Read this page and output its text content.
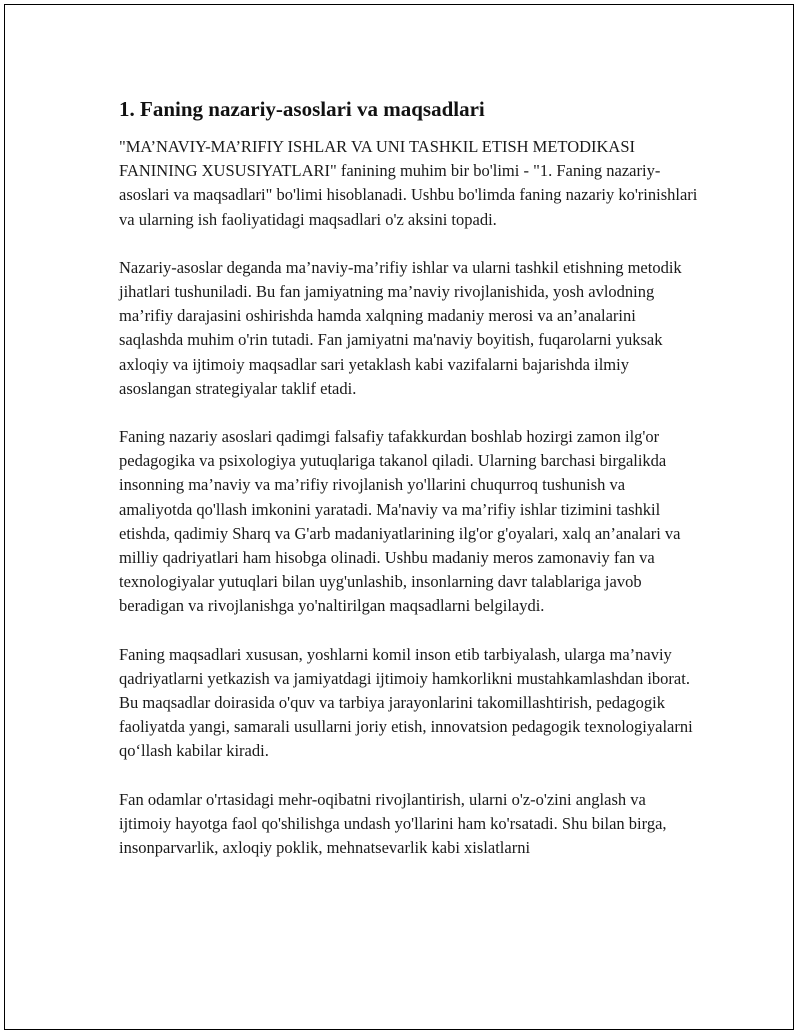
1. Faning nazariy-asoslari va maqsadlari

"MA’NAVIY-MA’RIFIY ISHLAR VA UNI TASHKIL ETISH METODIKASI FANINING XUSUSIYATLARI" fanining muhim bir bo'limi - "1. Faning nazariy-asoslari va maqsadlari" bo'limi hisoblanadi. Ushbu bo'limda faning nazariy ko'rinishlari va ularning ish faoliyatidagi maqsadlari o'z aksini topadi.

Nazariy-asoslar deganda ma’naviy-ma’rifiy ishlar va ularni tashkil etishning metodik jihatlari tushuniladi. Bu fan jamiyatning ma’naviy rivojlanishida, yosh avlodning ma’rifiy darajasini oshirishda hamda xalqning madaniy merosi va an’analarini saqlashda muhim o'rin tutadi. Fan jamiyatni ma'naviy boyitish, fuqarolarni yuksak axloqiy va ijtimoiy maqsadlar sari yetaklash kabi vazifalarni bajarishda ilmiy asoslangan strategiyalar taklif etadi.

Faning nazariy asoslari qadimgi falsafiy tafakkurdan boshlab hozirgi zamon ilg'or pedagogika va psixologiya yutuqlariga takanol qiladi. Ularning barchasi birgalikda insonning ma’naviy va ma’rifiy rivojlanish yo'llarini chuqurroq tushunish va amaliyotda qo'llash imkonini yaratadi. Ma'naviy va ma’rifiy ishlar tizimini tashkil etishda, qadimiy Sharq va G'arb madaniyatlarining ilg'or g'oyalari, xalq an’analari va milliy qadriyatlari ham hisobga olinadi. Ushbu madaniy meros zamonaviy fan va texnologiyalar yutuqlari bilan uyg'unlashib, insonlarning davr talablariga javob beradigan va rivojlanishga yo'naltirilgan maqsadlarni belgilaydi.

Faning maqsadlari xususan, yoshlarni komil inson etib tarbiyalash, ularga ma’naviy qadriyatlarni yetkazish va jamiyatdagi ijtimoiy hamkorlikni mustahkamlashdan iborat. Bu maqsadlar doirasida o'quv va tarbiya jarayonlarini takomillashtirish, pedagogik faoliyatda yangi, samarali usullarni joriy etish, innovatsion pedagogik texnologiyalarni qo‘llash kabilar kiradi.

Fan odamlar o'rtasidagi mehr-oqibatni rivojlantirish, ularni o'z-o'zini anglash va ijtimoiy hayotga faol qo'shilishga undash yo'llarini ham ko'rsatadi. Shu bilan birga, insonparvarlik, axloqiy poklik, mehnatsevarlik kabi xislatlarni
